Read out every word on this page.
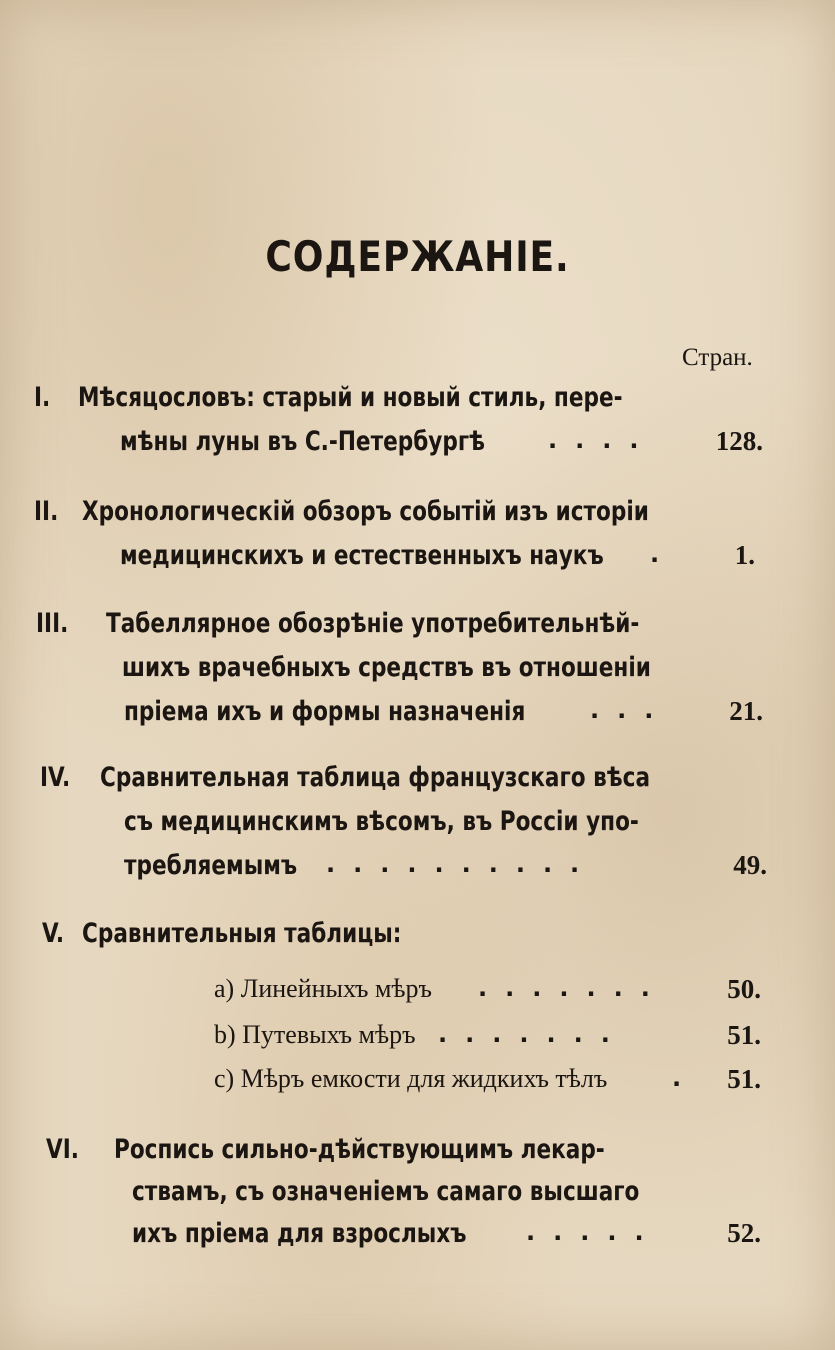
СОДЕРЖАНІЕ.
Стран.
I. Мѣсяцословъ: старый и новый стиль, пере-
мѣны луны въ С.-Петербургѣ	.... 128.
II. Хронологическій обзоръ событій изъ исторіи
медицинскихъ и естественныхъ наукъ . 1.
III. Табеллярное обозрѣніе употребительнѣй-
шихъ врачебныхъ средствъ въ отношеніи
пріема ихъ и формы назначенія	... 21.
IV. Сравнительная таблица французскаго вѣса
съ медицинскимъ вѣсомъ, въ Россіи упо-
требляемымъ ..........	49.
V. Сравнительныя таблицы:
a) Линейныхъ мѣръ ....... 50.
b) Путевыхъ мѣръ .......	51.
c) Мѣръ емкости для жидкихъ тѣлъ	. 51.
VI. Роспись сильно-дѣйствующимъ лекар-
ствамъ, съ означеніемъ самаго высшаго
ихъ пріема для взрослыхъ ..... 52.
